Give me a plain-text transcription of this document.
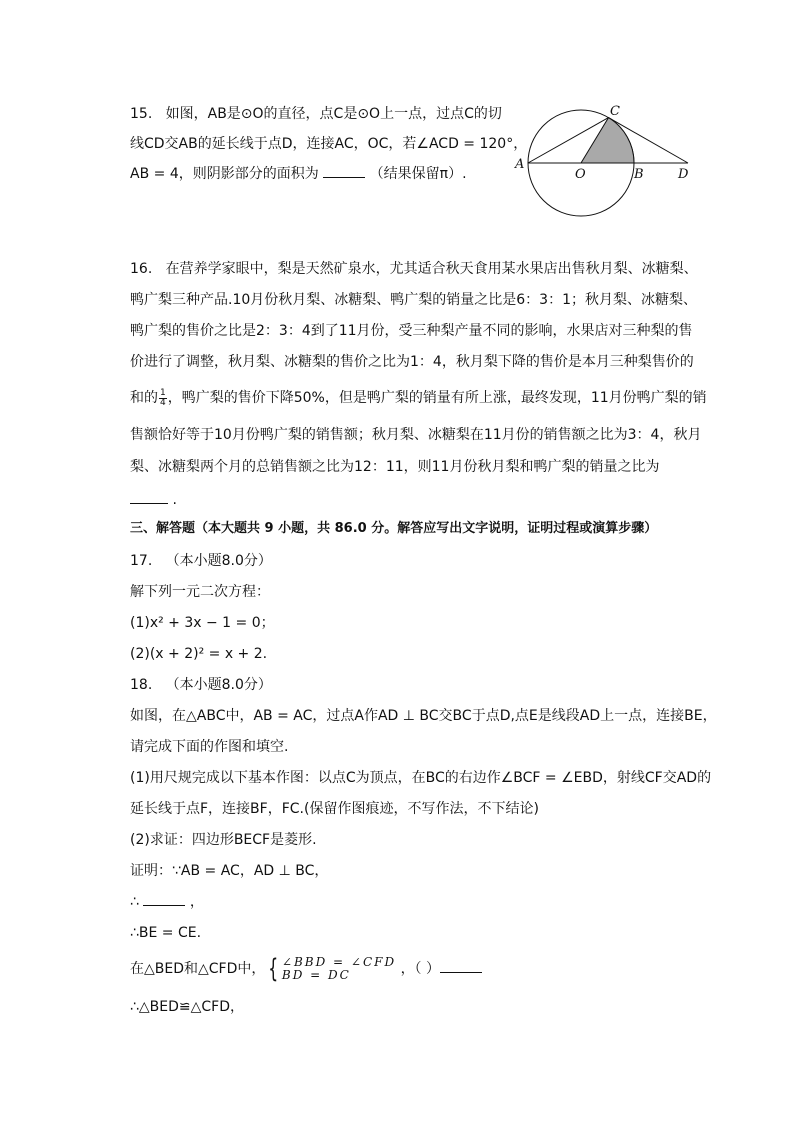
15. 如图，AB是⊙O的直径，点C是⊙O上一点，过点C的切
线CD交AB的延长线于点D，连接AC，OC，若∠ACD = 120°，
AB = 4，则阴影部分的面积为	（结果保留π）.
A
O	B
C
D
16. 在营养学家眼中，梨是天然矿泉水，尤其适合秋天食用某水果店出售秋月梨、冰糖梨、
鸭广梨三种产品.10月份秋月梨、冰糖梨、鸭广梨的销量之比是6：3：1；秋月梨、冰糖梨、
鸭广梨的售价之比是2：3：4到了11月份，受三种梨产量不同的影响，水果店对三种梨的售
价进行了调整，秋月梨、冰糖梨的售价之比为1：4，秋月梨下降的售价是本月三种梨售价的
和的 $\frac{1}{4}$ ，鸭广梨的售价下降50%，但是鸭广梨的销量有所上涨，最终发现，11月份鸭广梨的销
售额恰好等于10月份鸭广梨的销售额；秋月梨、冰糖梨在11月份的销售额之比为3：4，秋月
梨、冰糖梨两个月的总销售额之比为12：11，则11月份秋月梨和鸭广梨的销量之比为
.
三、解答题（本大题共 9 小题，共 86.0 分。解答应写出文字说明，证明过程或演算步骤）
17. （本小题8.0分）
解下列一元二次方程：
(1)x² + 3x − 1 = 0；
(2)(x + 2)² = x + 2.
18. （本小题8.0分）
如图，在△ABC中，AB = AC，过点A作AD ⊥ BC交BC于点D,点E是线段AD上一点，连接BE，
请完成下面的作图和填空.
(1)用尺规完成以下基本作图：以点C为顶点，在BC的右边作∠BCF = ∠EBD，射线CF交AD的
延长线于点F，连接BF，FC.(保留作图痕迹，不写作法，不下结论)
(2)求证：四边形BECF是菱形.
证明：∵AB = AC，AD ⊥ BC，
∴	，
∴BE = CE.
在△BED和△CFD中， { ∠BBD = ∠CFD
BD = DC	，（ ）
∴△BED≌△CFD，
